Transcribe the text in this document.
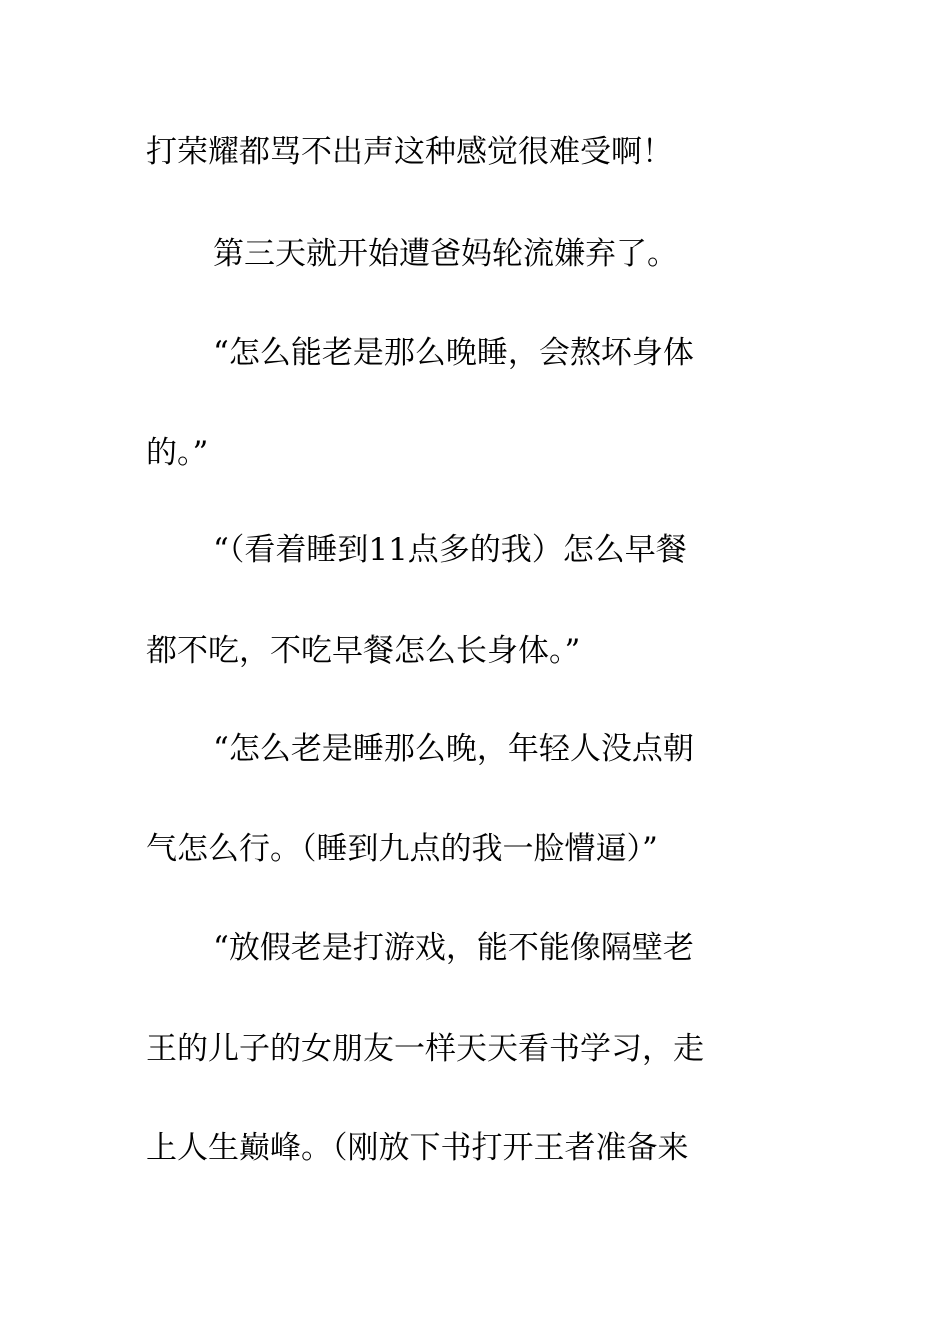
打荣耀都骂不出声这种感觉很难受啊！
第三天就开始遭爸妈轮流嫌弃了。
“怎么能老是那么晚睡，会熬坏身体
的。”
“（看着睡到11点多的我）怎么早餐
都不吃，不吃早餐怎么长身体。”
“怎么老是睡那么晚，年轻人没点朝
气怎么行。（睡到九点的我一脸懵逼）”
“放假老是打游戏，能不能像隔壁老
王的儿子的女朋友一样天天看书学习，走
上人生巅峰。（刚放下书打开王者准备来
